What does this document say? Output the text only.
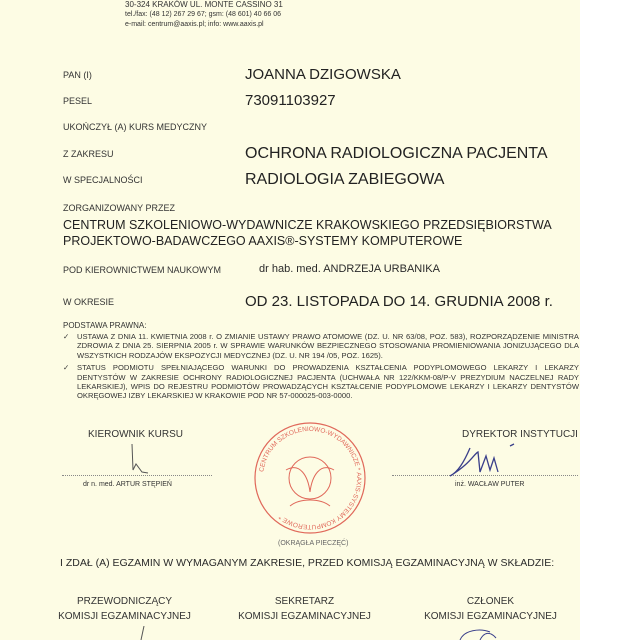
30-324 KRAKÓW UL. MONTE CASSINO 31
tel./fax: (48 12) 267 29 67; gsm: (48 601) 40 66 06
e-mail: centrum@aaxis.pl; info: www.aaxis.pl
PAN (I)	JOANNA DZIGOWSKA
PESEL	73091103927
UKOŃCZYŁ (A) KURS MEDYCZNY
Z ZAKRESU	OCHRONA RADIOLOGICZNA PACJENTA
W SPECJALNOŚCI	RADIOLOGIA ZABIEGOWA
ZORGANIZOWANY PRZEZ
CENTRUM SZKOLENIOWO-WYDAWNICZE KRAKOWSKIEGO PRZEDSIĘBIORSTWA
PROJEKTOWO-BADAWCZEGO AAXIS®-SYSTEMY KOMPUTEROWE
POD KIEROWNICTWEM NAUKOWYM	dr hab. med. ANDRZEJA URBANIKA
W OKRESIE	OD 23. LISTOPADA DO 14. GRUDNIA 2008 r.
PODSTAWA PRAWNA:
✓ USTAWA Z DNIA 11. KWIETNIA 2008 r. O ZMIANIE USTAWY PRAWO ATOMOWE (DZ. U. NR 63/08, POZ. 583), ROZPORZĄDZENIE MINISTRA ZDROWIA Z DNIA 25. SIERPNIA 2005 r. W SPRAWIE WARUNKÓW BEZPIECZNEGO STOSOWANIA PROMIENIOWANIA JONIZUJĄCEGO DLA WSZYSTKICH RODZAJÓW EKSPOZYCJI MEDYCZNEJ (DZ. U. NR 194 /05, POZ. 1625).
✓ STATUS PODMIOTU SPEŁNIAJĄCEGO WARUNKI DO PROWADZENIA KSZTAŁCENIA PODYPLOMOWEGO LEKARZY I LEKARZY DENTYSTÓW W ZAKRESIE OCHRONY RADIOLOGICZNEJ PACJENTA (UCHWAŁA NR 122/KKM-08/P-V PREZYDIUM NACZELNEJ RADY LEKARSKIEJ), WPIS DO REJESTRU PODMIOTÓW PROWADZĄCYCH KSZTAŁCENIE PODYPLOMOWE LEKARZY I LEKARZY DENTYSTÓW OKRĘGOWEJ IZBY LEKARSKIEJ W KRAKOWIE POD NR 57-000025-003-0000.
KIEROWNIK KURSU
dr n. med. ARTUR STĘPIEŃ
DYREKTOR INSTYTUCJI
inż. WACŁAW PUTER
CENTRUM SZKOLENIOWO-WYDAWNICZE * AAXIS-SYSTEMY KOMPUTEROWE *
(OKRĄGŁA PIECZĘĆ)
I ZDAŁ (A) EGZAMIN W WYMAGANYM ZAKRESIE, PRZED KOMISJĄ EGZAMINACYJNĄ W SKŁADZIE:
PRZEWODNICZĄCY
KOMISJI EGZAMINACYJNEJ
SEKRETARZ
KOMISJI EGZAMINACYJNEJ
CZŁONEK
KOMISJI EGZAMINACYJNEJ
